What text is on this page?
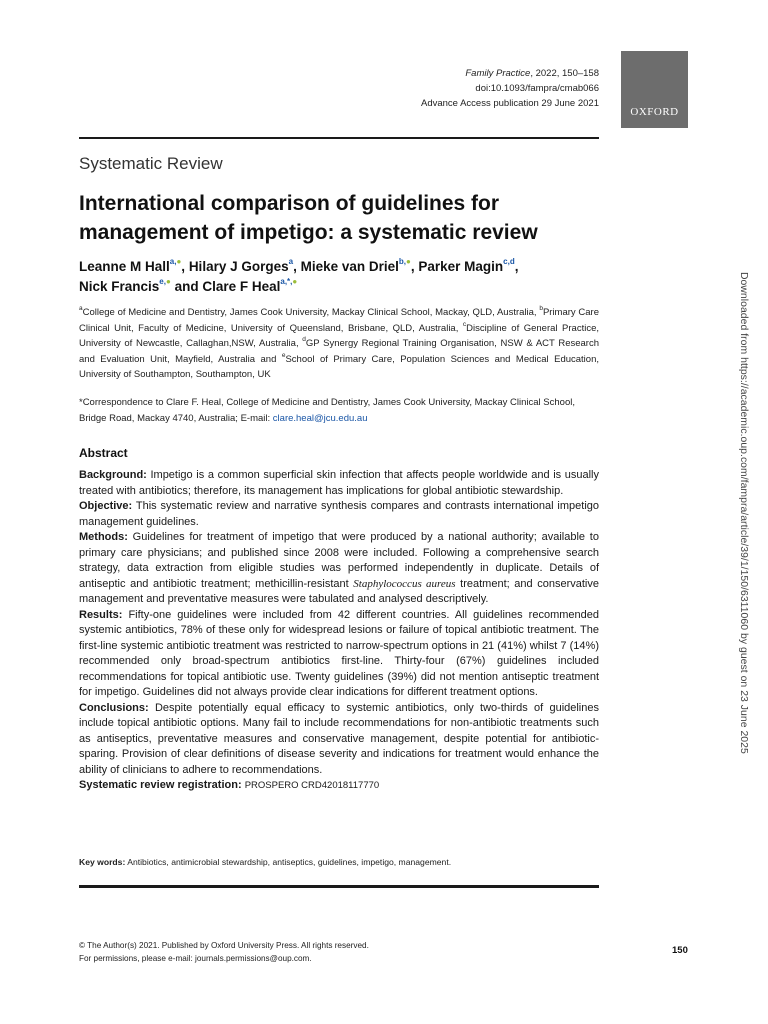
Family Practice, 2022, 150–158
doi:10.1093/fampra/cmab066
Advance Access publication 29 June 2021
OXFORD
Systematic Review
International comparison of guidelines for management of impetigo: a systematic review
Leanne M Hall$^{a,●}$, Hilary J Gorges$^a$, Mieke van Driel$^{b,●}$, Parker Magin$^{c,d}$,
Nick Francis$^{e,●}$ and Clare F Heal$^{a,*,●}$
$^a$College of Medicine and Dentistry, James Cook University, Mackay Clinical School, Mackay, QLD, Australia, $^b$Primary Care Clinical Unit, Faculty of Medicine, University of Queensland, Brisbane, QLD, Australia, $^c$Discipline of General Practice, University of Newcastle, Callaghan,NSW, Australia, $^d$GP Synergy Regional Training Organisation, NSW & ACT Research and Evaluation Unit, Mayfield, Australia and $^e$School of Primary Care, Population Sciences and Medical Education, University of Southampton, Southampton, UK
*Correspondence to Clare F. Heal, College of Medicine and Dentistry, James Cook University, Mackay Clinical School, Bridge Road, Mackay 4740, Australia; E-mail: clare.heal@jcu.edu.au
Abstract

Background: Impetigo is a common superficial skin infection that affects people worldwide and is usually treated with antibiotics; therefore, its management has implications for global antibiotic stewardship.

Objective: This systematic review and narrative synthesis compares and contrasts international impetigo management guidelines.

Methods: Guidelines for treatment of impetigo that were produced by a national authority; available to primary care physicians; and published since 2008 were included. Following a comprehensive search strategy, data extraction from eligible studies was performed independently in duplicate. Details of antiseptic and antibiotic treatment; methicillin-resistant Staphylococcus aureus treatment; and conservative management and preventative measures were tabulated and analysed descriptively.

Results: Fifty-one guidelines were included from 42 different countries. All guidelines recommended systemic antibiotics, 78% of these only for widespread lesions or failure of topical antibiotic treatment. The first-line systemic antibiotic treatment was restricted to narrow-spectrum options in 21 (41%) whilst 7 (14%) recommended only broad-spectrum antibiotics first-line. Thirty-four (67%) guidelines included recommendations for topical antibiotic use. Twenty guidelines (39%) did not mention antiseptic treatment for impetigo. Guidelines did not always provide clear indications for different treatment options.

Conclusions: Despite potentially equal efficacy to systemic antibiotics, only two-thirds of guidelines include topical antibiotic options. Many fail to include recommendations for non-antibiotic treatments such as antiseptics, preventative measures and conservative management, despite potential for antibiotic-sparing. Provision of clear definitions of disease severity and indications for treatment would enhance the ability of clinicians to adhere to recommendations.

Systematic review registration: PROSPERO CRD42018117770

Key words: Antibiotics, antimicrobial stewardship, antiseptics, guidelines, impetigo, management.
© The Author(s) 2021. Published by Oxford University Press. All rights reserved.
For permissions, please e-mail: journals.permissions@oup.com.
150
Downloaded from https://academic.oup.com/fampra/article/39/1/150/6311060 by guest on 23 June 2025
